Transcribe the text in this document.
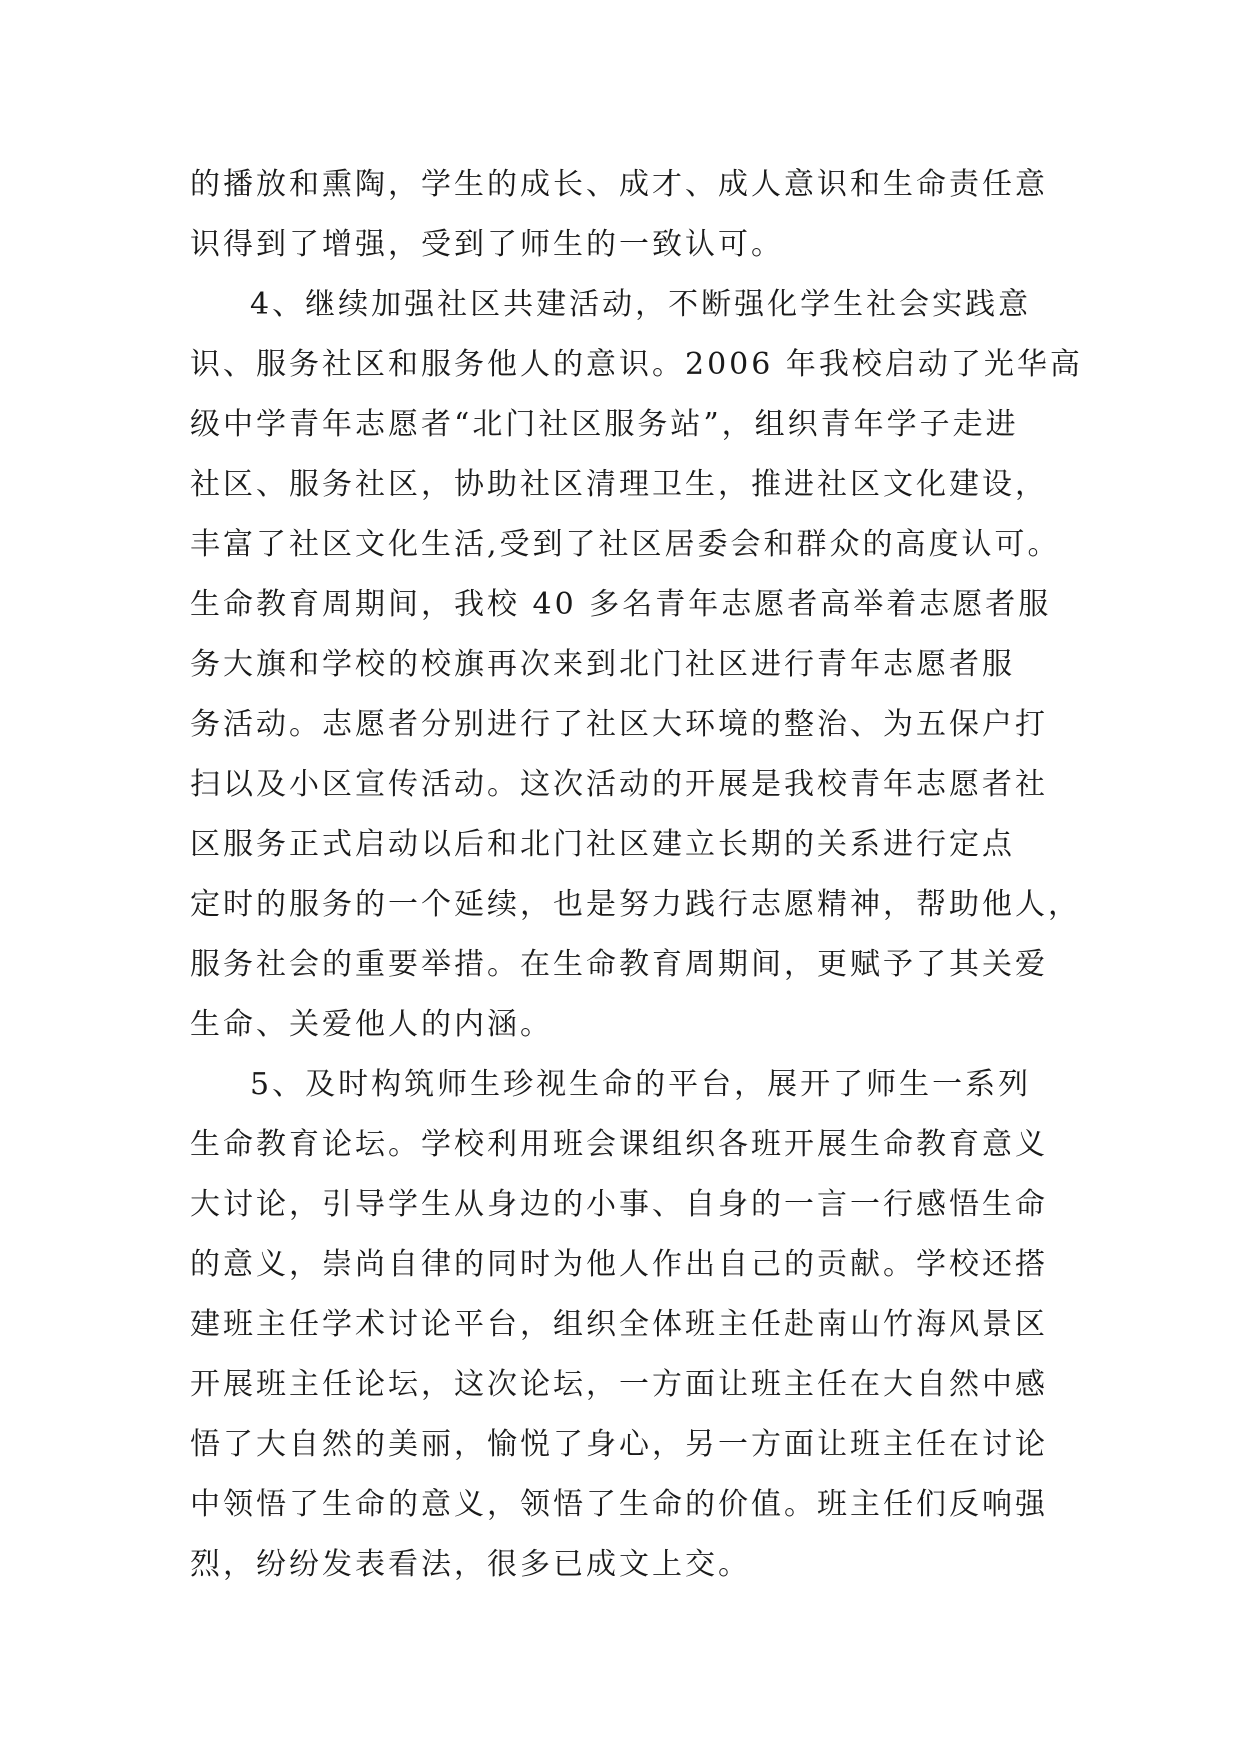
的播放和熏陶，学生的成长、成才、成人意识和生命责任意
识得到了增强，受到了师生的一致认可。
4、继续加强社区共建活动，不断强化学生社会实践意
识、服务社区和服务他人的意识。2006 年我校启动了光华高
级中学青年志愿者“北门社区服务站”，组织青年学子走进
社区、服务社区，协助社区清理卫生，推进社区文化建设，
丰富了社区文化生活,受到了社区居委会和群众的高度认可。
生命教育周期间，我校 40 多名青年志愿者高举着志愿者服
务大旗和学校的校旗再次来到北门社区进行青年志愿者服
务活动。志愿者分别进行了社区大环境的整治、为五保户打
扫以及小区宣传活动。这次活动的开展是我校青年志愿者社
区服务正式启动以后和北门社区建立长期的关系进行定点
定时的服务的一个延续，也是努力践行志愿精神，帮助他人，
服务社会的重要举措。在生命教育周期间，更赋予了其关爱
生命、关爱他人的内涵。
5、及时构筑师生珍视生命的平台，展开了师生一系列
生命教育论坛。学校利用班会课组织各班开展生命教育意义
大讨论，引导学生从身边的小事、自身的一言一行感悟生命
的意义，崇尚自律的同时为他人作出自己的贡献。学校还搭
建班主任学术讨论平台，组织全体班主任赴南山竹海风景区
开展班主任论坛，这次论坛，一方面让班主任在大自然中感
悟了大自然的美丽，愉悦了身心，另一方面让班主任在讨论
中领悟了生命的意义，领悟了生命的价值。班主任们反响强
烈，纷纷发表看法，很多已成文上交。
